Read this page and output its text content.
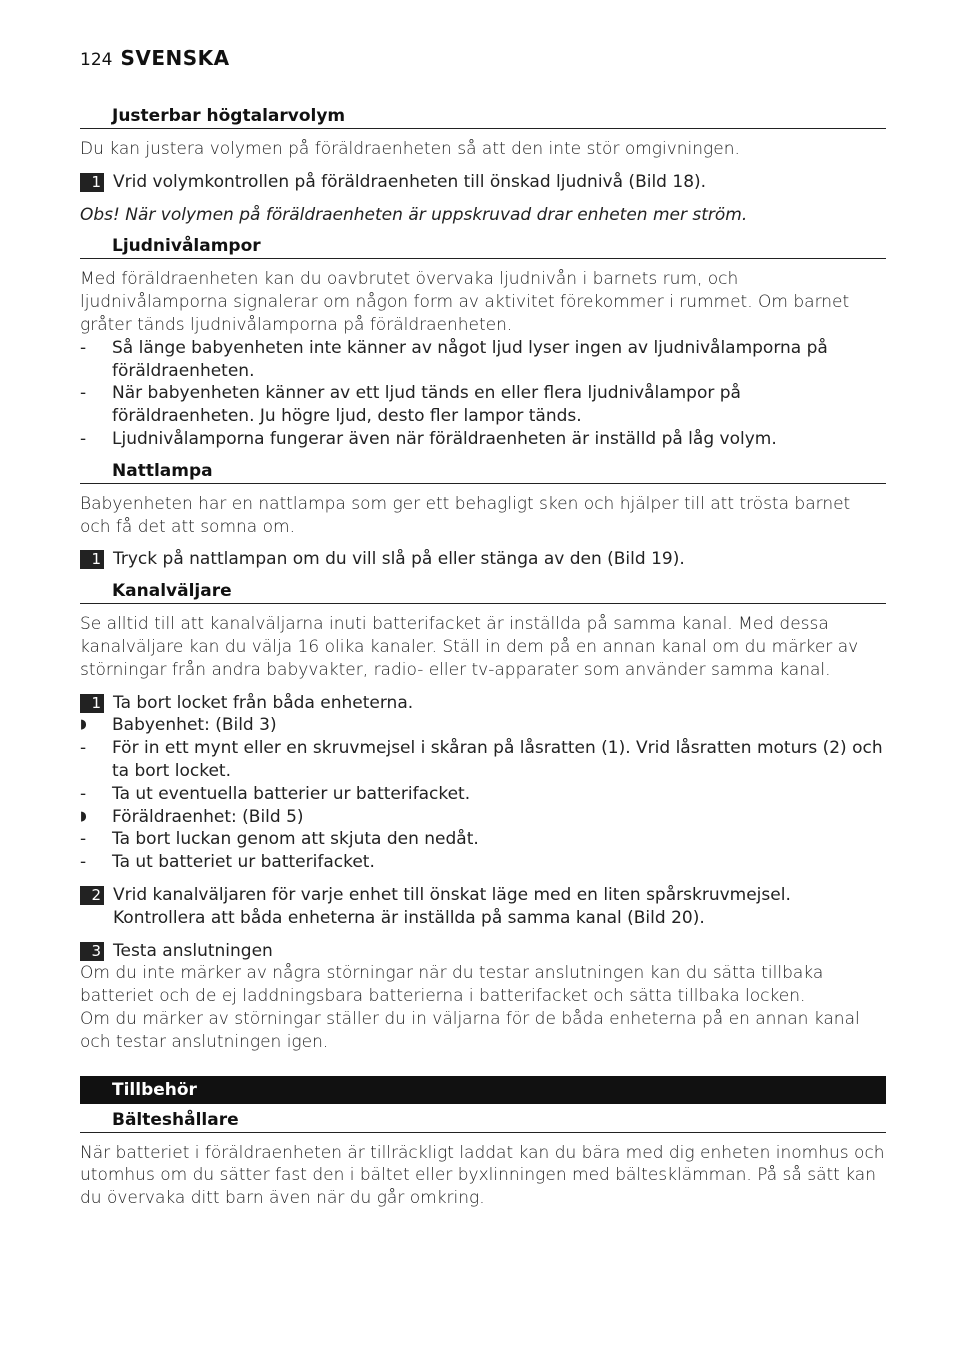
124 SVENSKA
Justerbar högtalarvolym

Du kan justera volymen på föräldraenheten så att den inte stör omgivningen.

1 Vrid volymkontrollen på föräldraenheten till önskad ljudnivå (Bild 18).

Obs! När volymen på föräldraenheten är uppskruvad drar enheten mer ström.

Ljudnivålampor

Med föräldraenheten kan du oavbrutet övervaka ljudnivån i barnets rum, och ljudnivålamporna signalerar om någon form av aktivitet förekommer i rummet. Om barnet gråter tänds ljudnivålamporna på föräldraenheten.

-	Så länge babyenheten inte känner av något ljud lyser ingen av ljudnivålamporna på föräldraenheten.
-	När babyenheten känner av ett ljud tänds en eller flera ljudnivålampor på föräldraenheten. Ju högre ljud, desto fler lampor tänds.
-	Ljudnivålamporna fungerar även när föräldraenheten är inställd på låg volym.
Nattlampa

Babyenheten har en nattlampa som ger ett behagligt sken och hjälper till att trösta barnet och få det att somna om.

1 Tryck på nattlampan om du vill slå på eller stänga av den (Bild 19).
Kanalväljare

Se alltid till att kanalväljarna inuti batterifacket är inställda på samma kanal. Med dessa kanalväljare kan du välja 16 olika kanaler. Ställ in dem på en annan kanal om du märker av störningar från andra babyvakter, radio- eller tv-apparater som använder samma kanal.

1 Ta bort locket från båda enheterna.
◗	Babyenhet: (Bild 3)
-	För in ett mynt eller en skruvmejsel i skåran på låsratten (1). Vrid låsratten moturs (2) och ta bort locket.
-	Ta ut eventuella batterier ur batterifacket.
◗	Föräldraenhet: (Bild 5)
-	Ta bort luckan genom att skjuta den nedåt.
-	Ta ut batteriet ur batterifacket.
2 Vrid kanalväljaren för varje enhet till önskat läge med en liten spårskruvmejsel. Kontrollera att båda enheterna är inställda på samma kanal (Bild 20).
3 Testa anslutningen

Om du inte märker av några störningar när du testar anslutningen kan du sätta tillbaka batteriet och de ej laddningsbara batterierna i batterifacket och sätta tillbaka locken.

Om du märker av störningar ställer du in väljarna för de båda enheterna på en annan kanal och testar anslutningen igen.

Tillbehör
Bälteshållare

När batteriet i föräldraenheten är tillräckligt laddat kan du bära med dig enheten inomhus och utomhus om du sätter fast den i bältet eller byxlinningen med bältesklämman. På så sätt kan du övervaka ditt barn även när du går omkring.
